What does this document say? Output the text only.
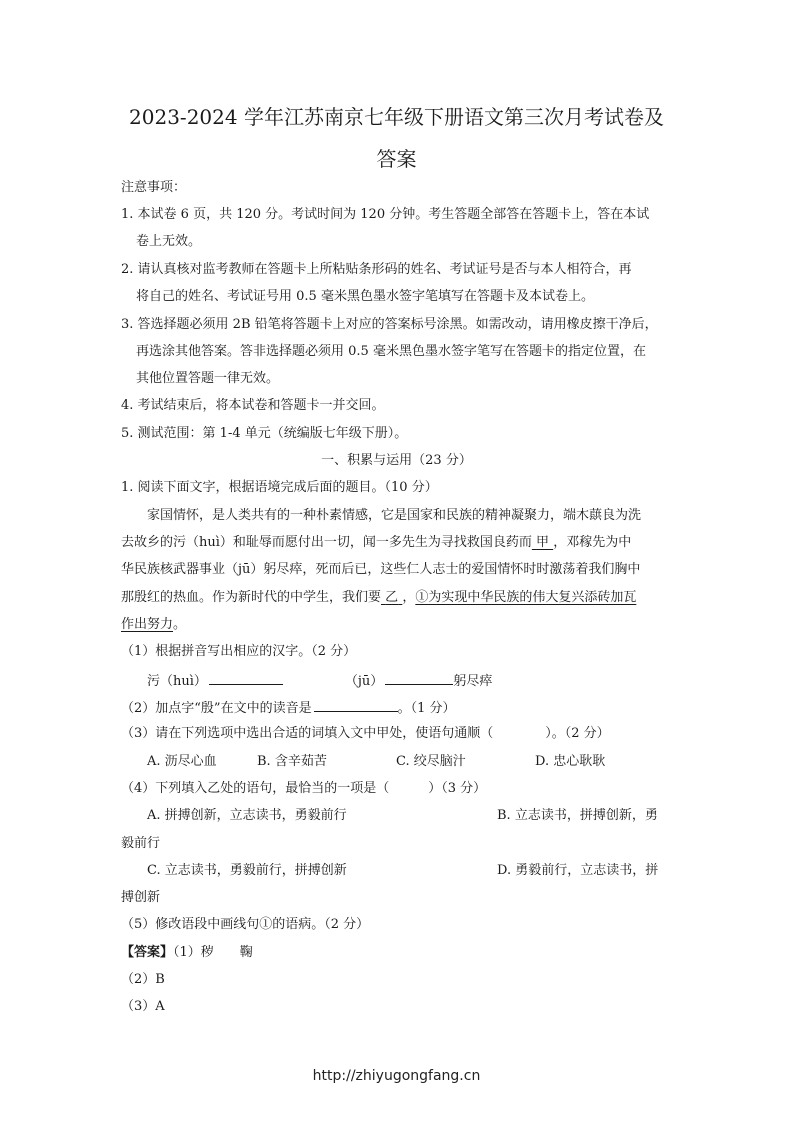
2023-2024 学年江苏南京七年级下册语文第三次月考试卷及
答案
注意事项：
1. 本试卷 6 页，共 120 分。考试时间为 120 分钟。考生答题全部答在答题卡上，答在本试
卷上无效。
2. 请认真核对监考教师在答题卡上所粘贴条形码的姓名、考试证号是否与本人相符合，再
将自己的姓名、考试证号用 0.5 毫米黑色墨水签字笔填写在答题卡及本试卷上。
3. 答选择题必须用 2B 铅笔将答题卡上对应的答案标号涂黑。如需改动，请用橡皮擦干净后，
再选涂其他答案。答非选择题必须用 0.5 毫米黑色墨水签字笔写在答题卡的指定位置，在
其他位置答题一律无效。
4. 考试结束后，将本试卷和答题卡一并交回。
5. 测试范围：第 1-4 单元（统编版七年级下册）。
一、积累与运用（23 分）
1. 阅读下面文字，根据语境完成后面的题目。（10 分）
家国情怀，是人类共有的一种朴素情感，它是国家和民族的精神凝聚力，端木蕻良为洗
去故乡的污（huì）和耻辱而愿付出一切，闻一多先生为寻找救国良药而 甲 ，邓稼先为中
华民族核武器事业（jū）躬尽瘁，死而后已，这些仁人志士的爱国情怀时时激荡着我们胸中
那殷红的热血。作为新时代的中学生，我们要 乙 ，①为实现中华民族的伟大复兴添砖加瓦
作出努力。
（1）根据拼音写出相应的汉字。（2 分）
污（huì）	（jū）	躬尽瘁
（2）加点字“殷”在文中的读音是	。（1 分）
（3）请在下列选项中选出合适的词填入文中甲处，使语句通顺（　　　　）。（2 分）
A. 沥尽心血	B. 含辛茹苦	C. 绞尽脑汁	D. 忠心耿耿
（4）下列填入乙处的语句，最恰当的一项是（　　　）（3 分）
A. 拼搏创新，立志读书，勇毅前行	B. 立志读书，拼搏创新，勇
毅前行
C. 立志读书，勇毅前行，拼搏创新	D. 勇毅前行，立志读书，拼
搏创新
（5）修改语段中画线句①的语病。（2 分）
【答案】（1）秽　　鞠
（2）B
（3）A
http://zhiyugongfang.cn
